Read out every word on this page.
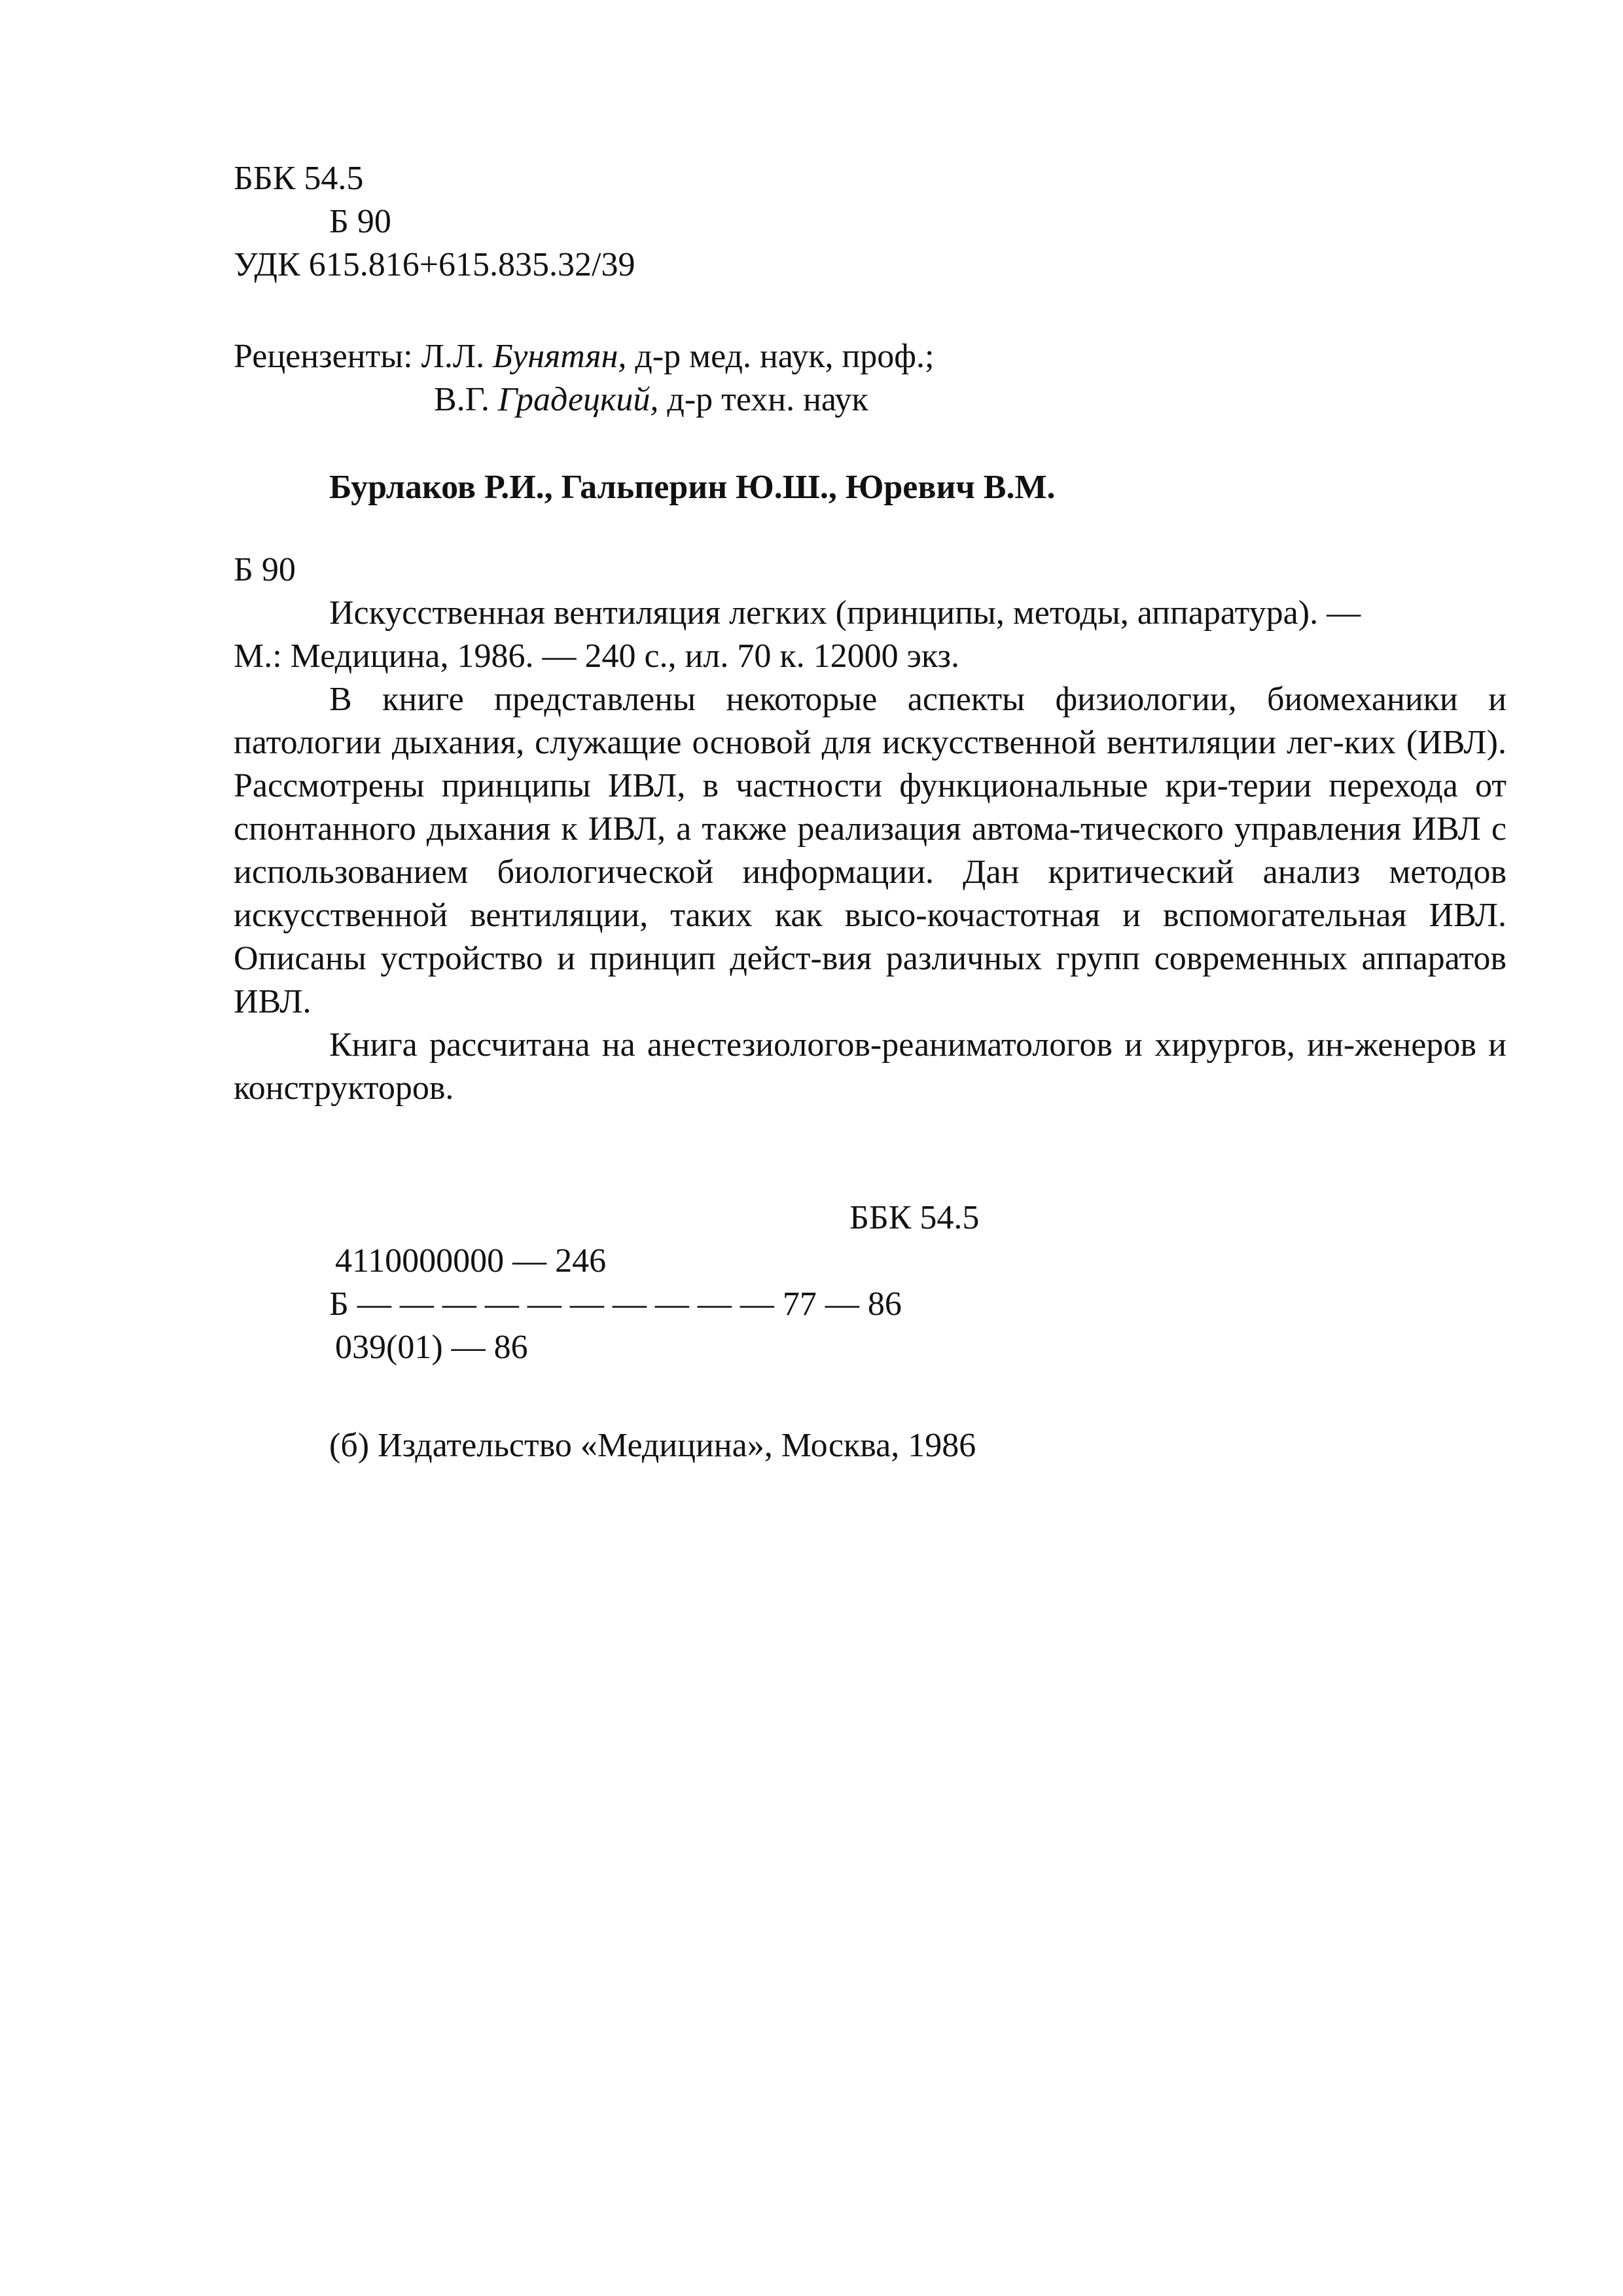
ББК 54.5
Б 90
УДК 615.816+615.835.32/39
Рецензенты: Л.Л. Бунятян, д-р мед. наук, проф.;
В.Г. Градецкий, д-р техн. наук
Бурлаков Р.И., Гальперин Ю.Ш., Юревич В.М.
Б 90
Искусственная вентиляция легких (принципы, методы, аппаратура). —
М.: Медицина, 1986. — 240 с., ил. 70 к. 12000 экз.
В книге представлены некоторые аспекты физиологии, биомеханики и патологии дыхания, служащие основой для искусственной вентиляции лег-ких (ИВЛ). Рассмотрены принципы ИВЛ, в частности функциональные кри-терии перехода от спонтанного дыхания к ИВЛ, а также реализация автома-тического управления ИВЛ с использованием биологической информации. Дан критический анализ методов искусственной вентиляции, таких как высо-кочастотная и вспомогательная ИВЛ. Описаны устройство и принцип дейст-вия различных групп современных аппаратов ИВЛ.
Книга рассчитана на анестезиологов-реаниматологов и хирургов, ин-женеров и конструкторов.
ББК 54.5
4110000000 — 246
Б — — — — — — — — — — 77 — 86
039(01) — 86
(б) Издательство «Медицина», Москва, 1986
